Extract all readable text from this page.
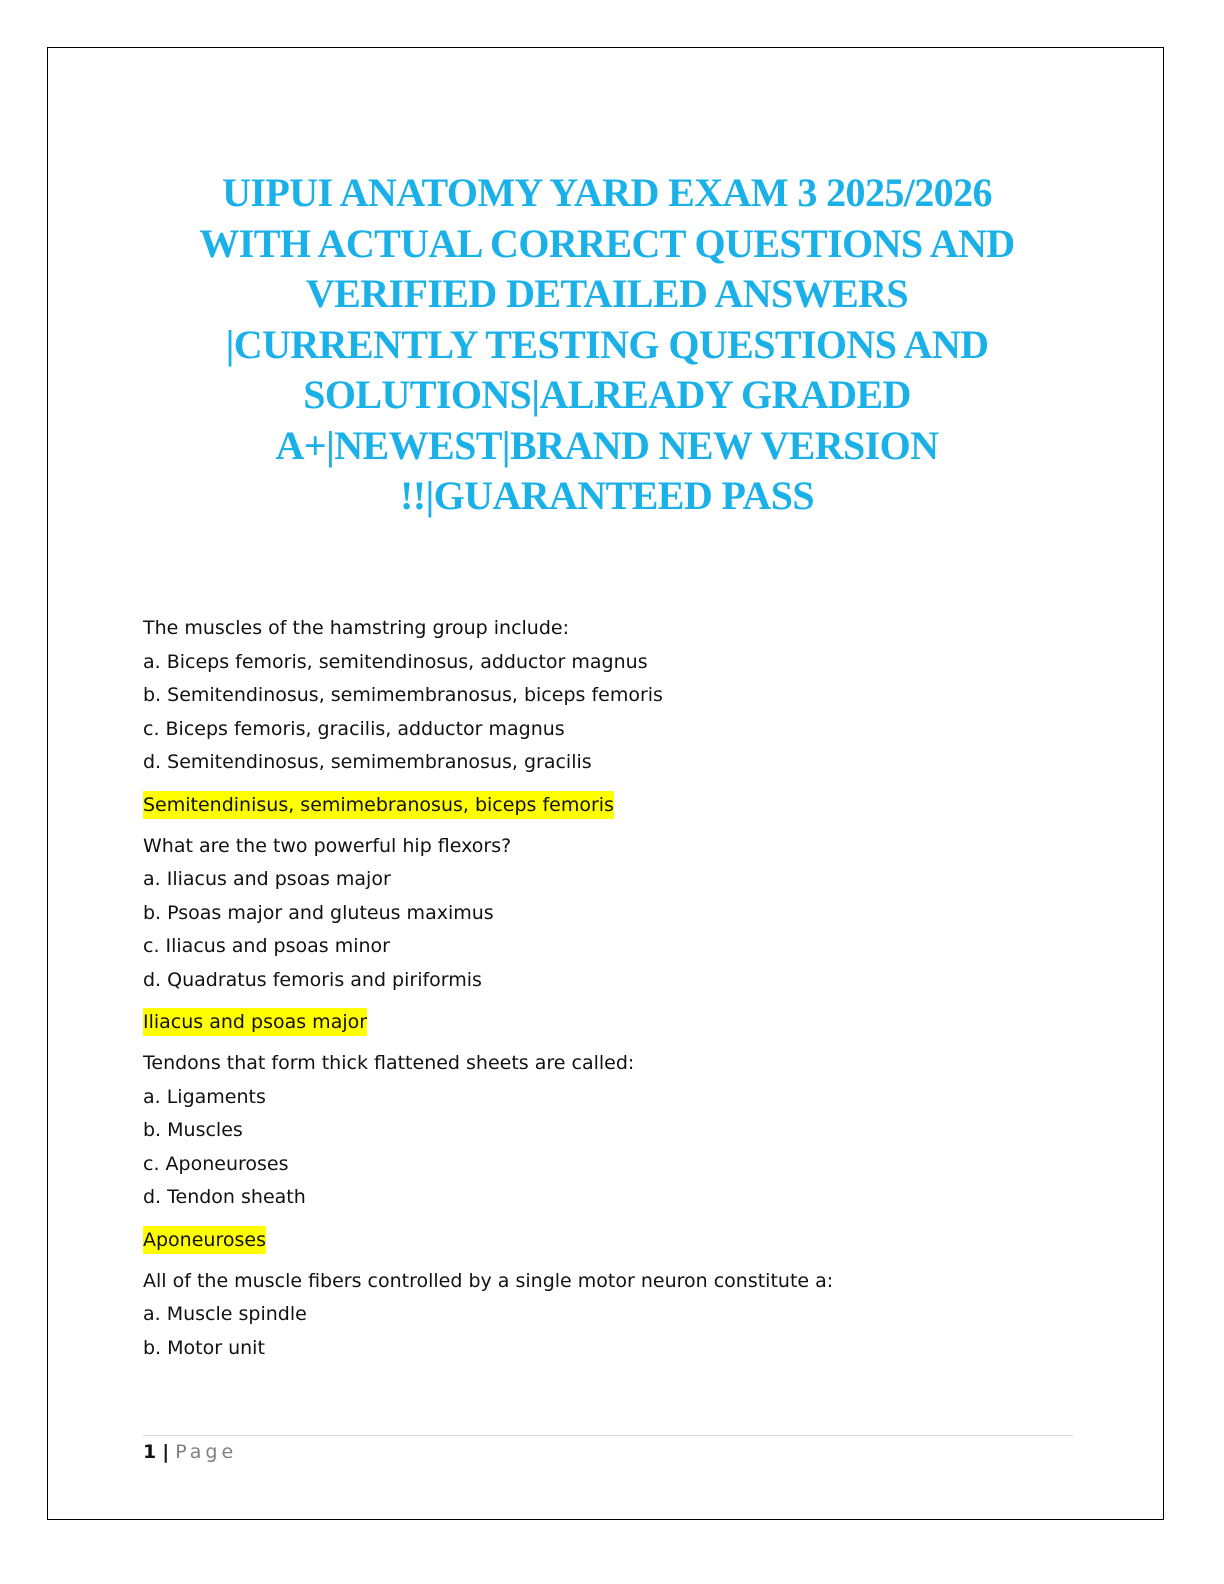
UIPUI ANATOMY YARD EXAM 3 2025/2026
WITH ACTUAL CORRECT QUESTIONS AND
VERIFIED DETAILED ANSWERS
|CURRENTLY TESTING QUESTIONS AND
SOLUTIONS|ALREADY GRADED
A+|NEWEST|BRAND NEW VERSION
!!|GUARANTEED PASS
The muscles of the hamstring group include:
a. Biceps femoris, semitendinosus, adductor magnus
b. Semitendinosus, semimembranosus, biceps femoris
c. Biceps femoris, gracilis, adductor magnus
d. Semitendinosus, semimembranosus, gracilis
Semitendinisus, semimebranosus, biceps femoris
What are the two powerful hip flexors?
a. Iliacus and psoas major
b. Psoas major and gluteus maximus
c. Iliacus and psoas minor
d. Quadratus femoris and piriformis
Iliacus and psoas major
Tendons that form thick flattened sheets are called:
a. Ligaments
b. Muscles
c. Aponeuroses
d. Tendon sheath
Aponeuroses
All of the muscle fibers controlled by a single motor neuron constitute a:
a. Muscle spindle
b. Motor unit
1 | Page
